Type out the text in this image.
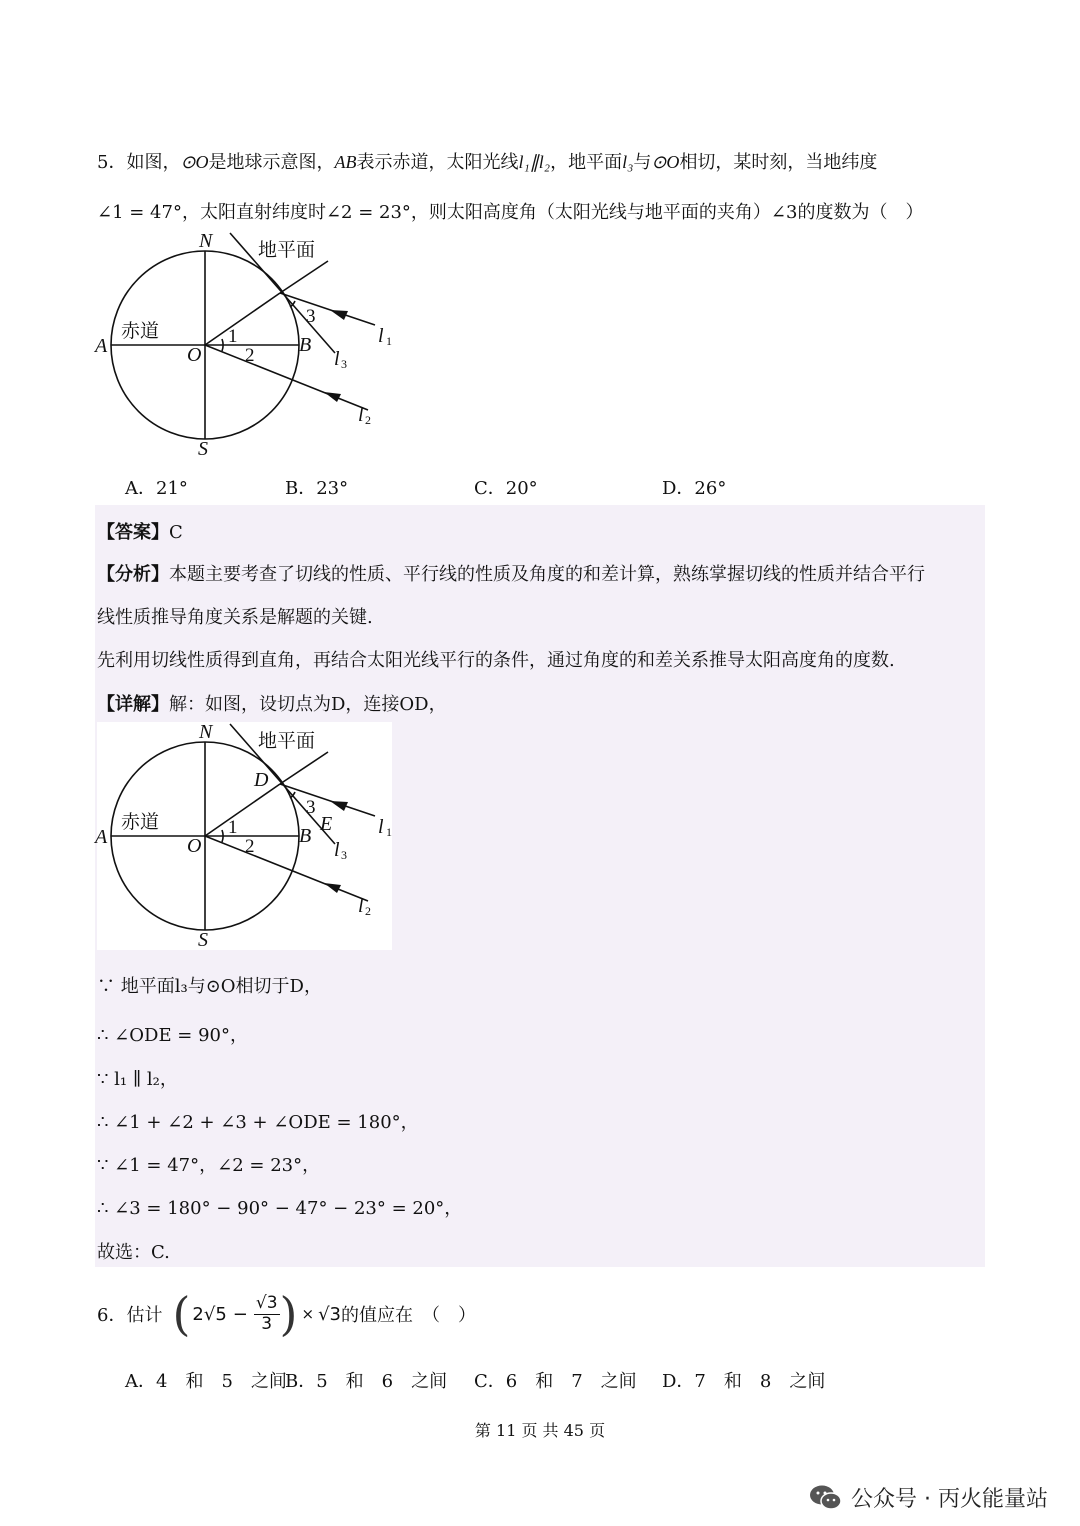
5．如图，⊙O是地球示意图，AB表示赤道，太阳光线l₁∥l₂，地平面l₃与⊙O相切，某时刻，当地纬度
∠1 = 47°，太阳直射纬度时∠2 = 23°，则太阳高度角（太阳光线与地平面的夹角）∠3的度数为（　）
N
S
A	B
O
l
l
l
1
3
2
地平面
赤道	1
2
3
A．21°	B．23°	C．20°	D．26°
【答案】C
【分析】本题主要考查了切线的性质、平行线的性质及角度的和差计算，熟练掌握切线的性质并结合平行
线性质推导角度关系是解题的关键.
先利用切线性质得到直角，再结合太阳光线平行的条件，通过角度的和差关系推导太阳高度角的度数.
【详解】解：如图，设切点为D，连接OD，
N
S
A	B
O
D
E l
l
l
1
3
2
地平面
赤道	1
2
3
∵ 地平面l₃与⊙O相切于D，
∴ ∠ODE = 90°，
∵ l₁ ∥ l₂，
∴ ∠1 + ∠2 + ∠3 + ∠ODE = 180°，
∵ ∠1 = 47°，∠2 = 23°，
∴ ∠3 = 180° − 90° − 47° − 23° = 20°，
故选：C.
6．估计 ( 2 $√5 - \frac{√3}{3}$ ) × √3 的值应在　（　）
A．4　和　5　之间
B．5　和　6　之间 C．6　和　7　之间 D．7　和　8　之间
第 11 页 共 45 页
公众号 · 丙火能量站
